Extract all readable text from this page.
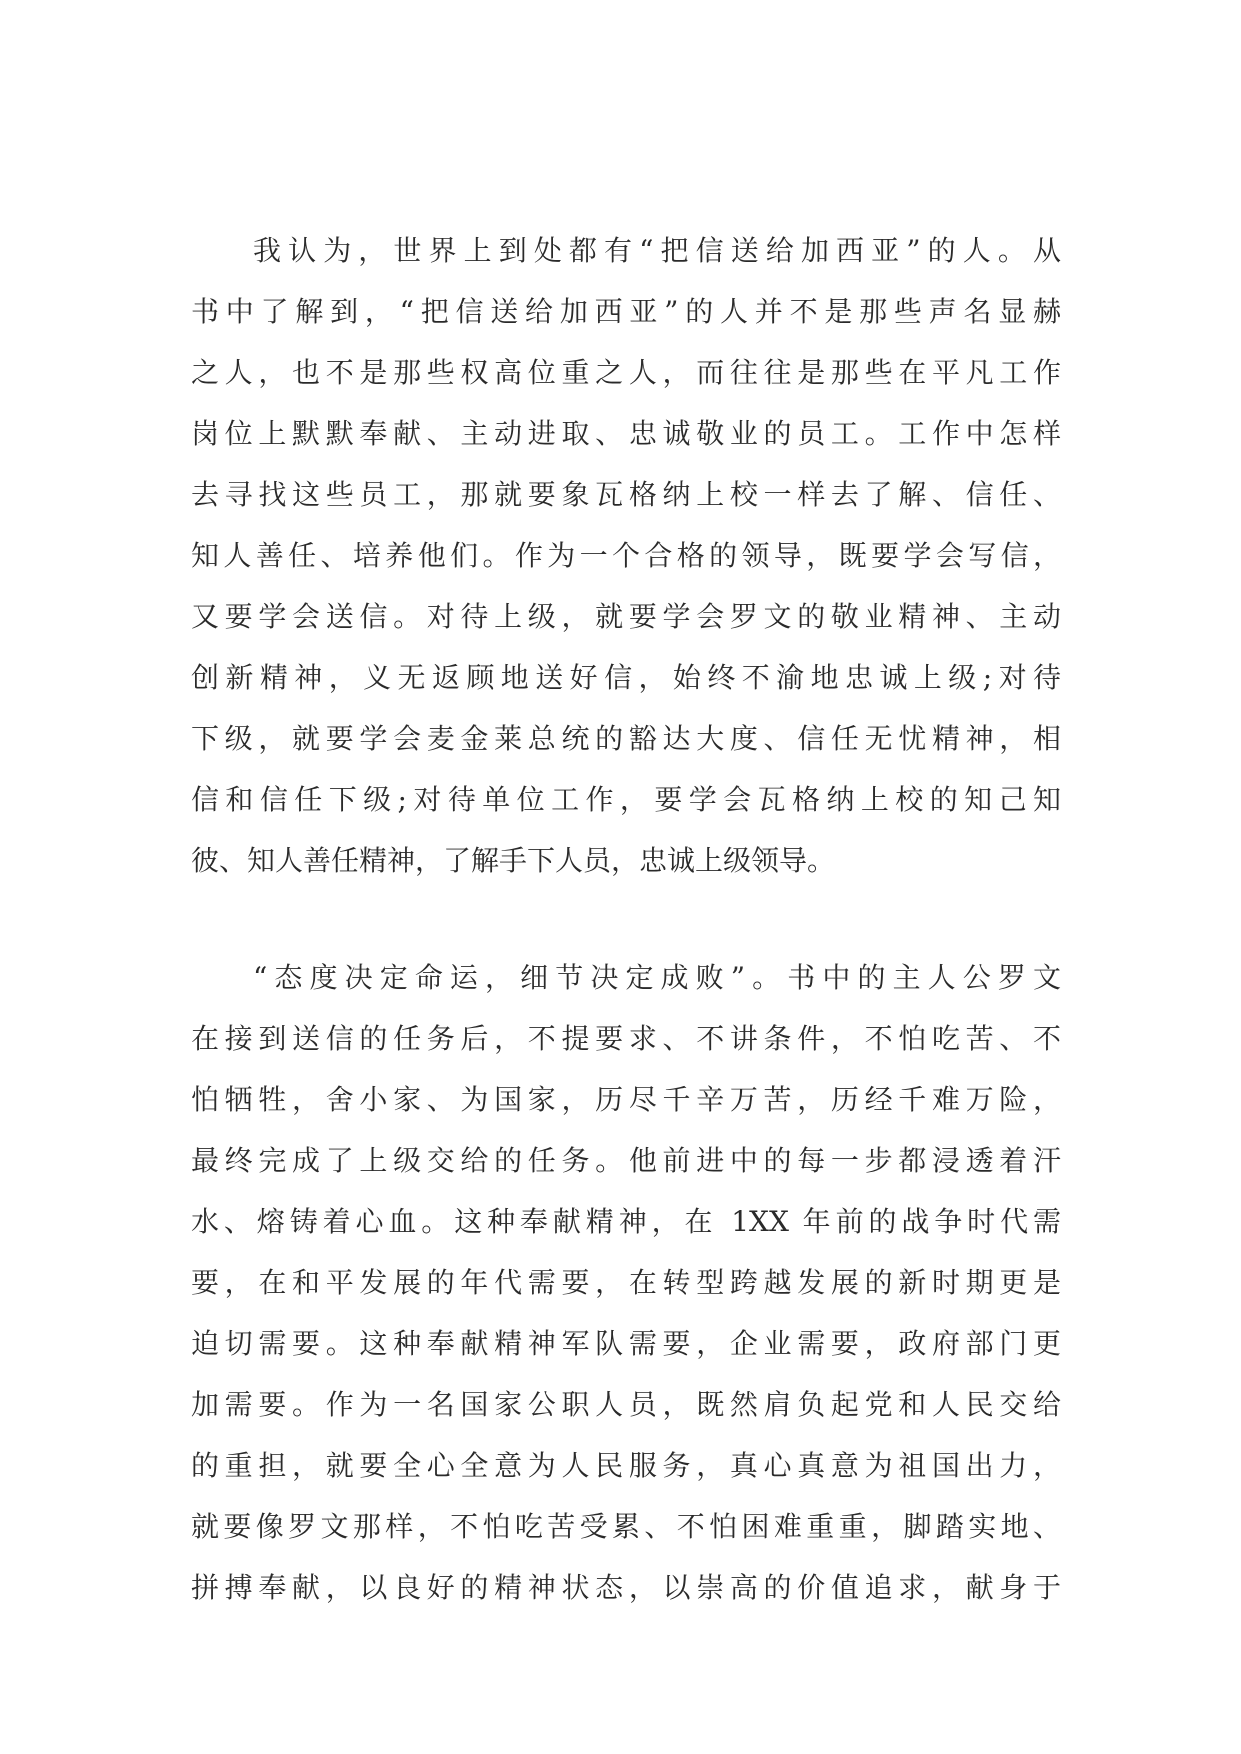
我认为，世界上到处都有“把信送给加西亚”的人。从
书中了解到，“把信送给加西亚”的人并不是那些声名显赫
之人，也不是那些权高位重之人，而往往是那些在平凡工作
岗位上默默奉献、主动进取、忠诚敬业的员工。工作中怎样
去寻找这些员工，那就要象瓦格纳上校一样去了解、信任、
知人善任、培养他们。作为一个合格的领导，既要学会写信，
又要学会送信。对待上级，就要学会罗文的敬业精神、主动
创新精神，义无返顾地送好信，始终不渝地忠诚上级;对待
下级，就要学会麦金莱总统的豁达大度、信任无忧精神，相
信和信任下级;对待单位工作，要学会瓦格纳上校的知己知
彼、知人善任精神，了解手下人员，忠诚上级领导。
“态度决定命运，细节决定成败”。书中的主人公罗文
在接到送信的任务后，不提要求、不讲条件，不怕吃苦、不
怕牺牲，舍小家、为国家，历尽千辛万苦，历经千难万险，
最终完成了上级交给的任务。他前进中的每一步都浸透着汗
水、熔铸着心血。这种奉献精神，在 1XX 年前的战争时代需
要，在和平发展的年代需要，在转型跨越发展的新时期更是
迫切需要。这种奉献精神军队需要，企业需要，政府部门更
加需要。作为一名国家公职人员，既然肩负起党和人民交给
的重担，就要全心全意为人民服务，真心真意为祖国出力，
就要像罗文那样，不怕吃苦受累、不怕困难重重，脚踏实地、
拼搏奉献，以良好的精神状态，以崇高的价值追求，献身于
